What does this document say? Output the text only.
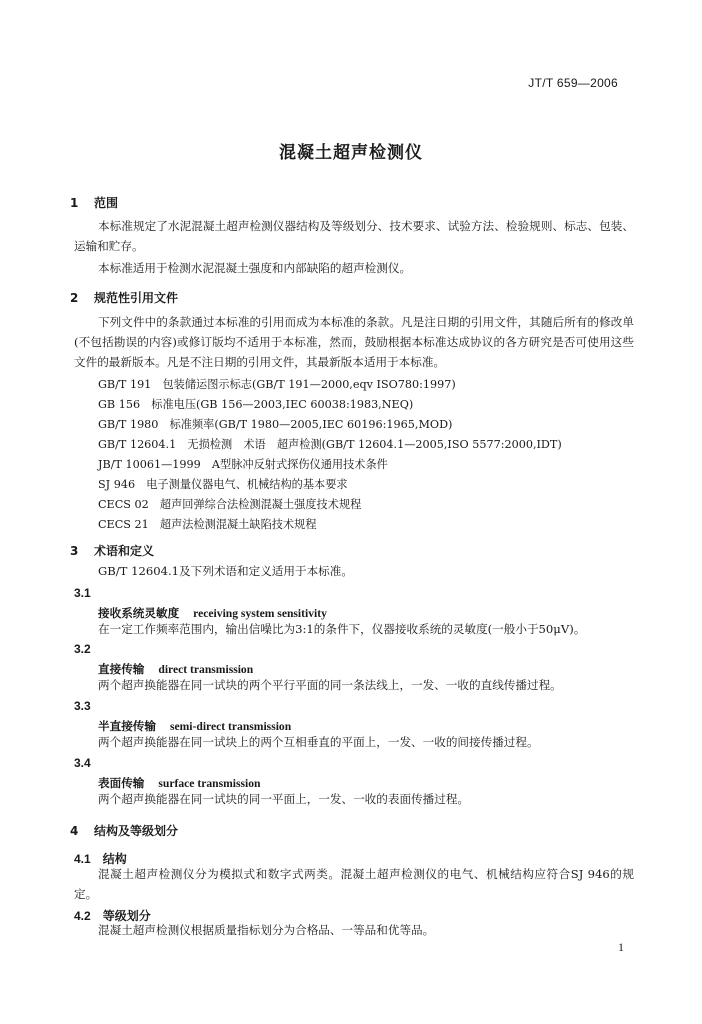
JT/T 659—2006
混凝土超声检测仪
1 范围
本标准规定了水泥混凝土超声检测仪器结构及等级划分、技术要求、试验方法、检验规则、标志、包装、运输和贮存。
本标准适用于检测水泥混凝土强度和内部缺陷的超声检测仪。
2 规范性引用文件
下列文件中的条款通过本标准的引用而成为本标准的条款。凡是注日期的引用文件，其随后所有的修改单(不包括勘误的内容)或修订版均不适用于本标准，然而，鼓励根据本标准达成协议的各方研究是否可使用这些文件的最新版本。凡是不注日期的引用文件，其最新版本适用于本标准。
GB/T 191　包装储运图示标志(GB/T 191—2000,eqv ISO780:1997)
GB 156　标准电压(GB 156—2003,IEC 60038:1983,NEQ)
GB/T 1980　标准频率(GB/T 1980—2005,IEC 60196:1965,MOD)
GB/T 12604.1　无损检测　术语　超声检测(GB/T 12604.1—2005,ISO 5577:2000,IDT)
JB/T 10061—1999　A型脉冲反射式探伤仪通用技术条件
SJ 946　电子测量仪器电气、机械结构的基本要求
CECS 02　超声回弹综合法检测混凝土强度技术规程
CECS 21　超声法检测混凝土缺陷技术规程
3 术语和定义
GB/T 12604.1及下列术语和定义适用于本标准。
3.1
接收系统灵敏度 receiving system sensitivity
在一定工作频率范围内，输出信噪比为3:1的条件下，仪器接收系统的灵敏度(一般小于50μV)。
3.2
直接传输 direct transmission
两个超声换能器在同一试块的两个平行平面的同一条法线上，一发、一收的直线传播过程。
3.3
半直接传输 semi-direct transmission
两个超声换能器在同一试块上的两个互相垂直的平面上，一发、一收的间接传播过程。
3.4
表面传输 surface transmission
两个超声换能器在同一试块的同一平面上，一发、一收的表面传播过程。
4 结构及等级划分
4.1 结构
混凝土超声检测仪分为模拟式和数字式两类。混凝土超声检测仪的电气、机械结构应符合SJ 946的规定。
4.2 等级划分
混凝土超声检测仪根据质量指标划分为合格品、一等品和优等品。
1
